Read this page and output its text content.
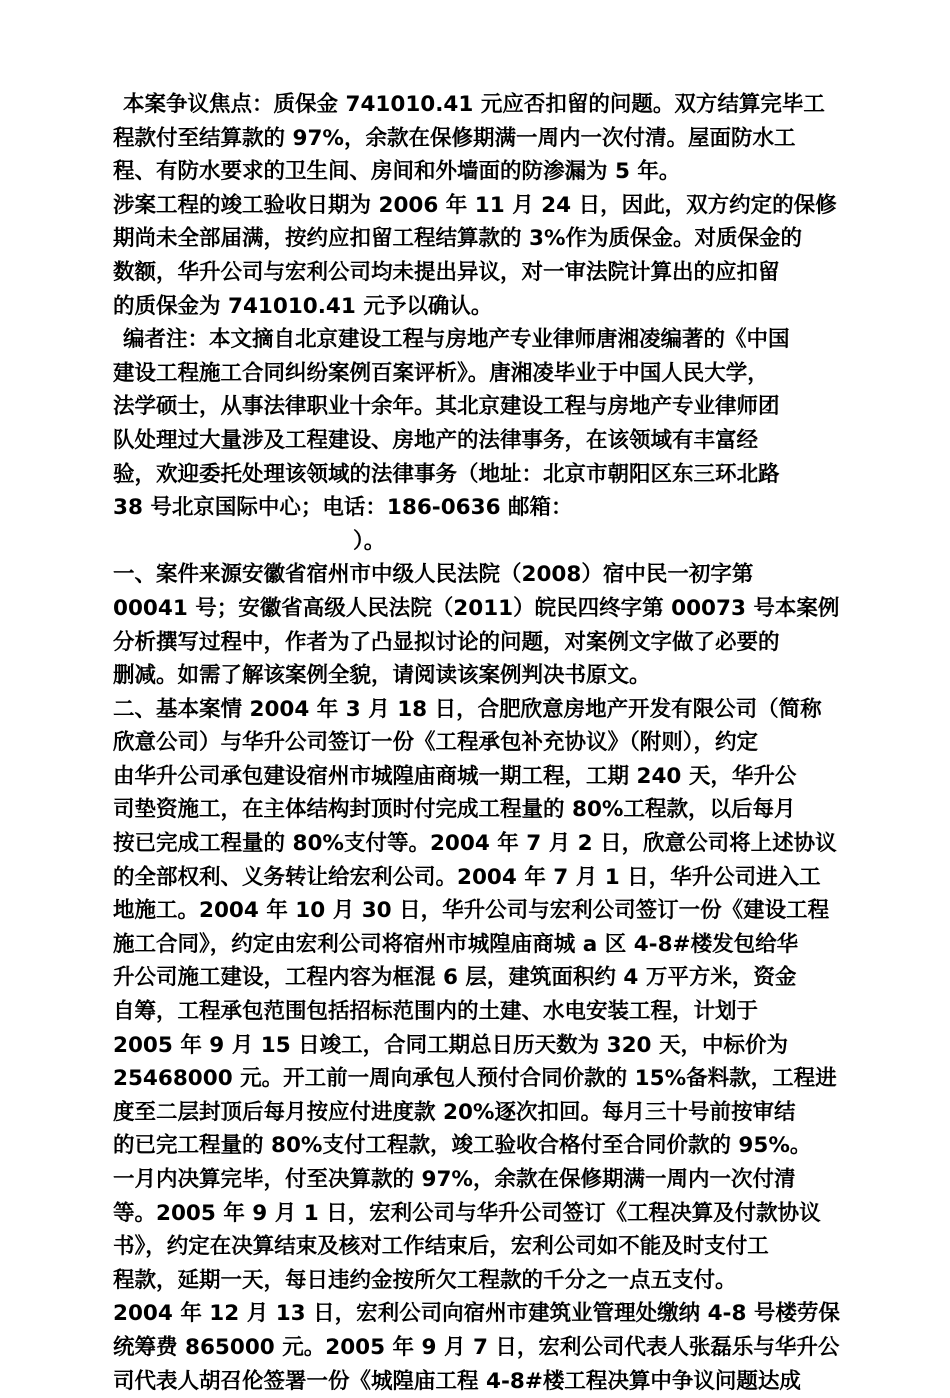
本案争议焦点：质保金 741010.41 元应否扣留的问题。双方结算完毕工
程款付至结算款的 97%，余款在保修期满一周内一次付清。屋面防水工
程、有防水要求的卫生间、房间和外墙面的防渗漏为 5 年。
涉案工程的竣工验收日期为 2006 年 11 月 24 日，因此，双方约定的保修
期尚未全部届满，按约应扣留工程结算款的 3%作为质保金。对质保金的
数额，华升公司与宏利公司均未提出异议，对一审法院计算出的应扣留
的质保金为 741010.41 元予以确认。
编者注：本文摘自北京建设工程与房地产专业律师唐湘凌编著的《中国
建设工程施工合同纠纷案例百案评析》。唐湘凌毕业于中国人民大学，
法学硕士，从事法律职业十余年。其北京建设工程与房地产专业律师团
队处理过大量涉及工程建设、房地产的法律事务，在该领域有丰富经
验，欢迎委托处理该领域的法律事务（地址：北京市朝阳区东三环北路
38 号北京国际中心；电话：186-0636 邮箱：
）。
一、案件来源安徽省宿州市中级人民法院（2008）宿中民一初字第
00041 号；安徽省高级人民法院（2011）皖民四终字第 00073 号本案例
分析撰写过程中，作者为了凸显拟讨论的问题，对案例文字做了必要的
删减。如需了解该案例全貌，请阅读该案例判决书原文。
二、基本案情 2004 年 3 月 18 日，合肥欣意房地产开发有限公司（简称
欣意公司）与华升公司签订一份《工程承包补充协议》（附则），约定
由华升公司承包建设宿州市城隍庙商城一期工程，工期 240 天，华升公
司垫资施工，在主体结构封顶时付完成工程量的 80%工程款，以后每月
按已完成工程量的 80%支付等。2004 年 7 月 2 日，欣意公司将上述协议
的全部权利、义务转让给宏利公司。2004 年 7 月 1 日，华升公司进入工
地施工。2004 年 10 月 30 日，华升公司与宏利公司签订一份《建设工程
施工合同》，约定由宏利公司将宿州市城隍庙商城 a 区 4-8#楼发包给华
升公司施工建设，工程内容为框混 6 层，建筑面积约 4 万平方米，资金
自筹，工程承包范围包括招标范围内的土建、水电安装工程，计划于
2005 年 9 月 15 日竣工，合同工期总日历天数为 320 天，中标价为
25468000 元。开工前一周向承包人预付合同价款的 15%备料款，工程进
度至二层封顶后每月按应付进度款 20%逐次扣回。每月三十号前按审结
的已完工程量的 80%支付工程款，竣工验收合格付至合同价款的 95%。
一月内决算完毕，付至决算款的 97%，余款在保修期满一周内一次付清
等。2005 年 9 月 1 日，宏利公司与华升公司签订《工程决算及付款协议
书》，约定在决算结束及核对工作结束后，宏利公司如不能及时支付工
程款，延期一天，每日违约金按所欠工程款的千分之一点五支付。
2004 年 12 月 13 日，宏利公司向宿州市建筑业管理处缴纳 4-8 号楼劳保
统筹费 865000 元。2005 年 9 月 7 日，宏利公司代表人张磊乐与华升公
司代表人胡召伦签署一份《城隍庙工程 4-8#楼工程决算中争议问题达成
